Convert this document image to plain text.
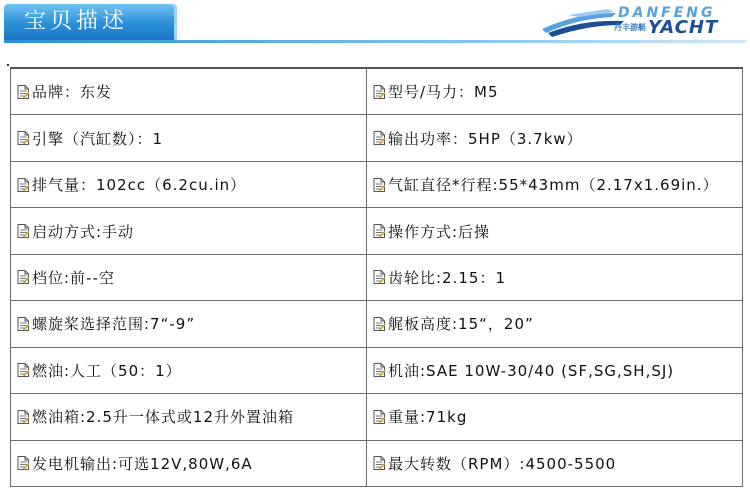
宝贝描述	DANFENG
丹丰游艇 YACHT
品牌：东发	型号/马力：M5

引擎（汽缸数）：1	输出功率：5HP（3.7kw）

排气量：102cc（6.2cu.in）	气缸直径*行程:55*43mm（2.17x1.69in.）

启动方式:手动	操作方式:后操

档位:前--空	齿轮比:2.15：1

螺旋桨选择范围:7“-9”	艉板高度:15“，20”

燃油:人工（50：1）	机油:SAE 10W-30/40 (SF,SG,SH,SJ)

燃油箱:2.5升一体式或12升外置油箱	重量:71kg

发电机输出:可选12V,80W,6A	最大转数（RPM）:4500-5500
